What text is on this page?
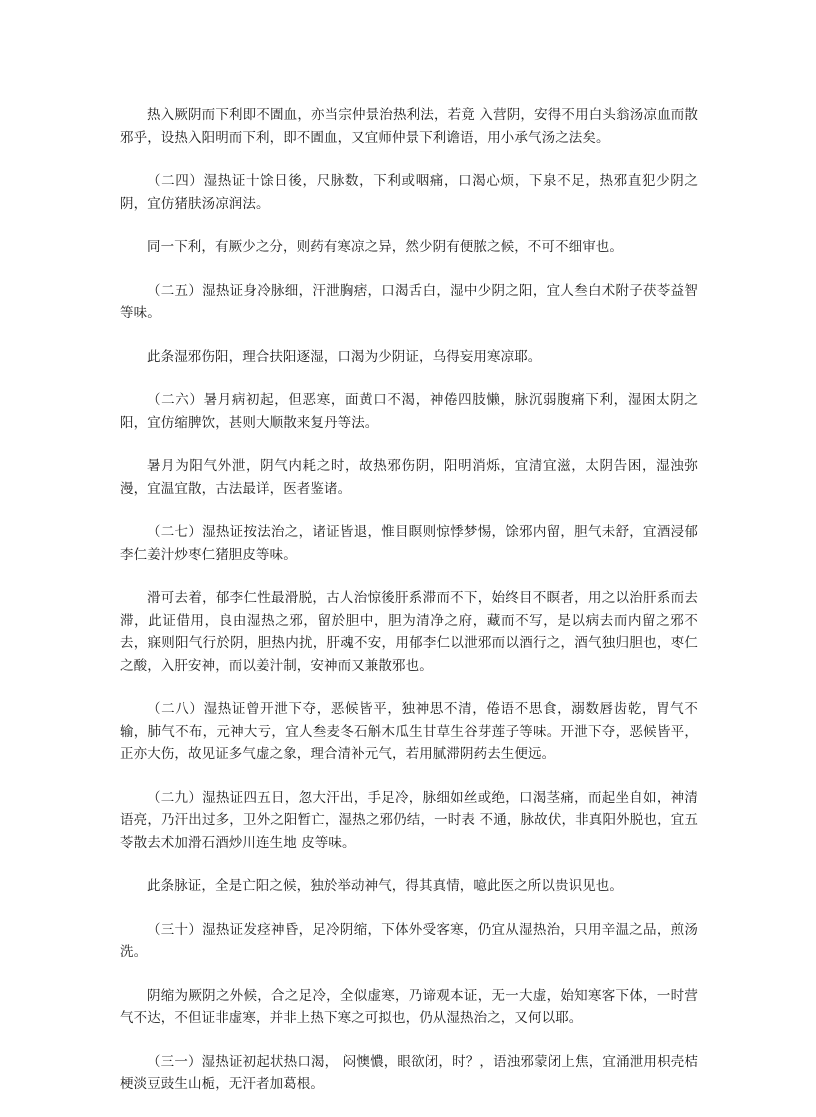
热入厥阴而下利即不圊血，亦当宗仲景治热利法，若竟 入营阴，安得不用白头翁汤凉血而散邪乎，设热入阳明而下利，即不圊血，又宜师仲景下利谵语，用小承气汤之法矣。

（二四）湿热证十馀日後，尺脉数，下利或咽痛，口渴心烦，下泉不足，热邪直犯少阴之阴，宜仿猪肤汤凉润法。

同一下利，有厥少之分，则药有寒凉之异，然少阴有便脓之候，不可不细审也。

（二五）湿热证身冷脉细，汗泄胸痞，口渴舌白，湿中少阴之阳，宜人叁白术附子茯苓益智等味。

此条湿邪伤阳，理合扶阳逐湿，口渴为少阴证，乌得妄用寒凉耶。

（二六）暑月病初起，但恶寒，面黄口不渴，神倦四肢懒，脉沉弱腹痛下利，湿困太阴之阳，宜仿缩脾饮，甚则大顺散来复丹等法。

暑月为阳气外泄，阴气内耗之时，故热邪伤阴，阳明消烁，宜清宜滋，太阴告困，湿浊弥漫，宜温宜散，古法最详，医者鉴诸。

（二七）湿热证按法治之，诸证皆退，惟目瞑则惊悸梦惕，馀邪内留，胆气未舒，宜酒浸郁李仁姜汁炒枣仁猪胆皮等味。

滑可去着，郁李仁性最滑脱，古人治惊後肝系滞而不下，始终目不瞑者，用之以治肝系而去滞，此证借用，良由湿热之邪，留於胆中，胆为清净之府，藏而不写，是以病去而内留之邪不去，寐则阳气行於阴，胆热内扰，肝魂不安，用郁李仁以泄邪而以酒行之，酒气独归胆也，枣仁之酸，入肝安神，而以姜汁制，安神而又兼散邪也。

（二八）湿热证曾开泄下夺，恶候皆平，独神思不清，倦语不思食，溺数唇齿乾，胃气不输，肺气不布，元神大亏，宜人叁麦冬石斛木瓜生甘草生谷芽莲子等味。开泄下夺，恶候皆平，正亦大伤，故见证多气虚之象，理合清补元气，若用腻滞阴药去生便远。

（二九）湿热证四五日，忽大汗出，手足冷，脉细如丝或绝，口渴茎痛，而起坐自如，神清语亮，乃汗出过多，卫外之阳暂亡，湿热之邪仍结，一时表 不通，脉故伏，非真阳外脱也，宜五苓散去术加滑石酒炒川连生地 皮等味。

此条脉证，全是亡阳之候，独於举动神气，得其真情，噫此医之所以贵识见也。

（三十）湿热证发痉神昏，足冷阴缩，下体外受客寒，仍宜从湿热治，只用辛温之品，煎汤 洗。

阴缩为厥阴之外候，合之足冷，全似虚寒，乃谛观本证，无一大虚，始知寒客下体，一时营气不达，不但证非虚寒，并非上热下寒之可拟也，仍从湿热治之，又何以耶。

（三一）湿热证初起状热口渴， 闷懊憹，眼欲闭，时？，语浊邪蒙闭上焦，宜涌泄用枳壳桔梗淡豆豉生山栀，无汗者加葛根。
